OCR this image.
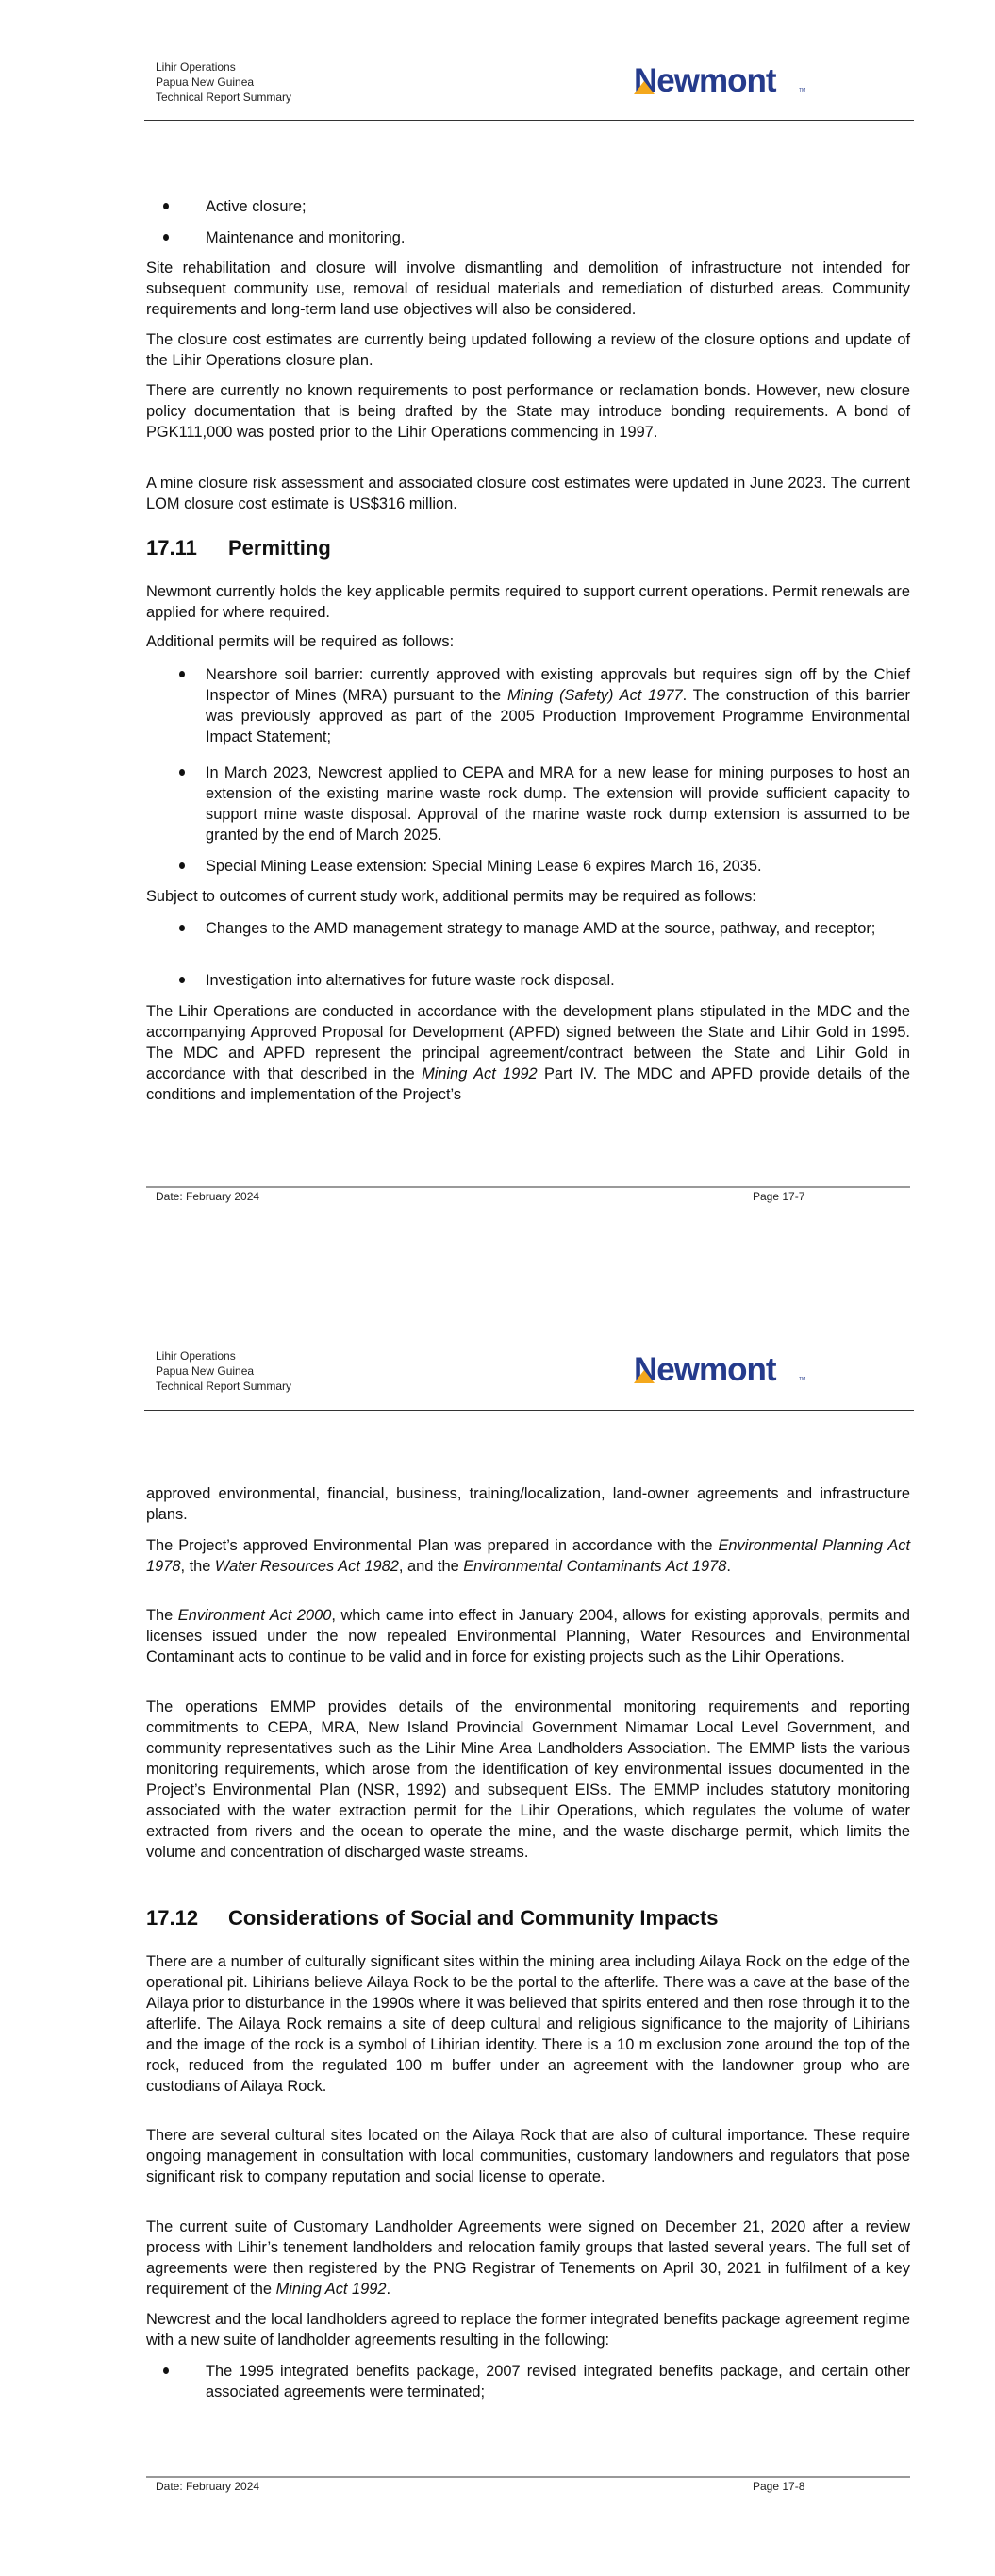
Lihir Operations
Papua New Guinea
Technical Report Summary	Newmont	TM

Active closure;

Maintenance and monitoring.

Site rehabilitation and closure will involve dismantling and demolition of infrastructure not intended for subsequent community use, removal of residual materials and remediation of disturbed areas. Community requirements and long-term land use objectives will also be considered.

The closure cost estimates are currently being updated following a review of the closure options and update of the Lihir Operations closure plan.

There are currently no known requirements to post performance or reclamation bonds. However, new closure policy documentation that is being drafted by the State may introduce bonding requirements. A bond of PGK111,000 was posted prior to the Lihir Operations commencing in 1997.

A mine closure risk assessment and associated closure cost estimates were updated in June 2023. The current LOM closure cost estimate is US$316 million.

17.11 Permitting

Newmont currently holds the key applicable permits required to support current operations. Permit renewals are applied for where required.

Additional permits will be required as follows:

Nearshore soil barrier: currently approved with existing approvals but requires sign off by the Chief Inspector of Mines (MRA) pursuant to the Mining (Safety) Act 1977. The construction of this barrier was previously approved as part of the 2005 Production Improvement Programme Environmental Impact Statement;

In March 2023, Newcrest applied to CEPA and MRA for a new lease for mining purposes to host an extension of the existing marine waste rock dump. The extension will provide sufficient capacity to support mine waste disposal. Approval of the marine waste rock dump extension is assumed to be granted by the end of March 2025.

Special Mining Lease extension: Special Mining Lease 6 expires March 16, 2035.

Subject to outcomes of current study work, additional permits may be required as follows:

Changes to the AMD management strategy to manage AMD at the source, pathway, and receptor;

Investigation into alternatives for future waste rock disposal.

The Lihir Operations are conducted in accordance with the development plans stipulated in the MDC and the accompanying Approved Proposal for Development (APFD) signed between the State and Lihir Gold in 1995. The MDC and APFD represent the principal agreement/contract between the State and Lihir Gold in accordance with that described in the Mining Act 1992 Part IV. The MDC and APFD provide details of the conditions and implementation of the Project’s

Date: February 2024	Page 17-7
Lihir Operations
Papua New Guinea
Technical Report Summary	Newmont	TM

approved environmental, financial, business, training/localization, land-owner agreements and infrastructure plans.

The Project’s approved Environmental Plan was prepared in accordance with the Environmental Planning Act 1978, the Water Resources Act 1982, and the Environmental Contaminants Act 1978.

The Environment Act 2000, which came into effect in January 2004, allows for existing approvals, permits and licenses issued under the now repealed Environmental Planning, Water Resources and Environmental Contaminant acts to continue to be valid and in force for existing projects such as the Lihir Operations.

The operations EMMP provides details of the environmental monitoring requirements and reporting commitments to CEPA, MRA, New Island Provincial Government Nimamar Local Level Government, and community representatives such as the Lihir Mine Area Landholders Association. The EMMP lists the various monitoring requirements, which arose from the identification of key environmental issues documented in the Project’s Environmental Plan (NSR, 1992) and subsequent EISs. The EMMP includes statutory monitoring associated with the water extraction permit for the Lihir Operations, which regulates the volume of water extracted from rivers and the ocean to operate the mine, and the waste discharge permit, which limits the volume and concentration of discharged waste streams.

17.12 Considerations of Social and Community Impacts

There are a number of culturally significant sites within the mining area including Ailaya Rock on the edge of the operational pit. Lihirians believe Ailaya Rock to be the portal to the afterlife. There was a cave at the base of the Ailaya prior to disturbance in the 1990s where it was believed that spirits entered and then rose through it to the afterlife. The Ailaya Rock remains a site of deep cultural and religious significance to the majority of Lihirians and the image of the rock is a symbol of Lihirian identity. There is a 10 m exclusion zone around the top of the rock, reduced from the regulated 100 m buffer under an agreement with the landowner group who are custodians of Ailaya Rock.

There are several cultural sites located on the Ailaya Rock that are also of cultural importance. These require ongoing management in consultation with local communities, customary landowners and regulators that pose significant risk to company reputation and social license to operate.

The current suite of Customary Landholder Agreements were signed on December 21, 2020 after a review process with Lihir’s tenement landholders and relocation family groups that lasted several years. The full set of agreements were then registered by the PNG Registrar of Tenements on April 30, 2021 in fulfilment of a key requirement of the Mining Act 1992.

Newcrest and the local landholders agreed to replace the former integrated benefits package agreement regime with a new suite of landholder agreements resulting in the following:

The 1995 integrated benefits package, 2007 revised integrated benefits package, and certain other associated agreements were terminated;

Date: February 2024	Page 17-8
